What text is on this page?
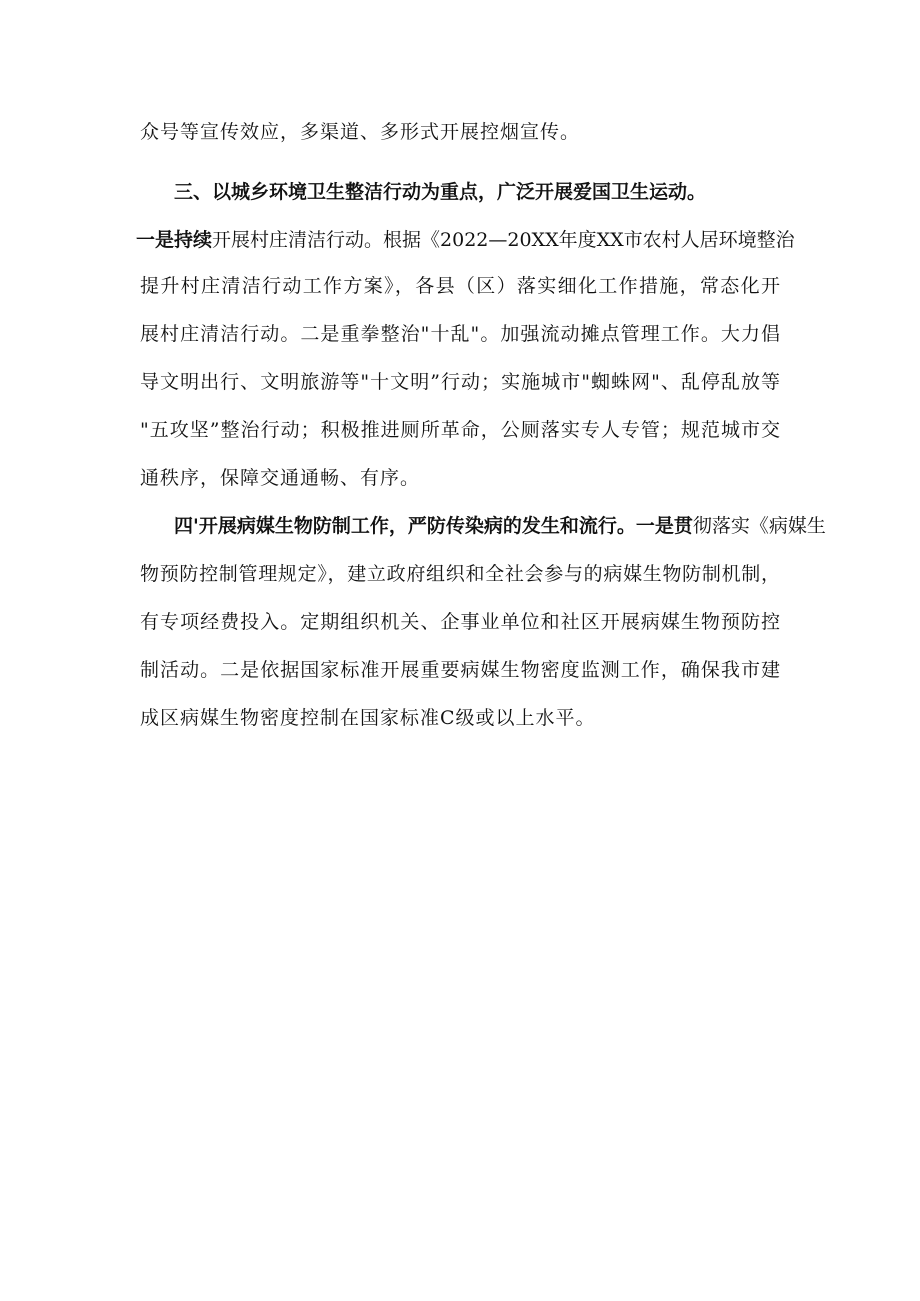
众号等宣传效应，多渠道、多形式开展控烟宣传。
三、以城乡环境卫生整洁行动为重点，广泛开展爱国卫生运动。
一是持续开展村庄清洁行动。根据《2022—20XX年度XX市农村人居环境整治
提升村庄清洁行动工作方案》，各县（区）落实细化工作措施，常态化开
展村庄清洁行动。二是重拳整治"十乱"。加强流动摊点管理工作。大力倡
导文明出行、文明旅游等"十文明”行动；实施城市"蜘蛛网"、乱停乱放等
"五攻坚”整治行动；积极推进厕所革命，公厕落实专人专管；规范城市交
通秩序，保障交通通畅、有序。
四'开展病媒生物防制工作，严防传染病的发生和流行。一是贯彻落实《病媒生
物预防控制管理规定》，建立政府组织和全社会参与的病媒生物防制机制，
有专项经费投入。定期组织机关、企事业单位和社区开展病媒生物预防控
制活动。二是依据国家标准开展重要病媒生物密度监测工作，确保我市建
成区病媒生物密度控制在国家标准C级或以上水平。
